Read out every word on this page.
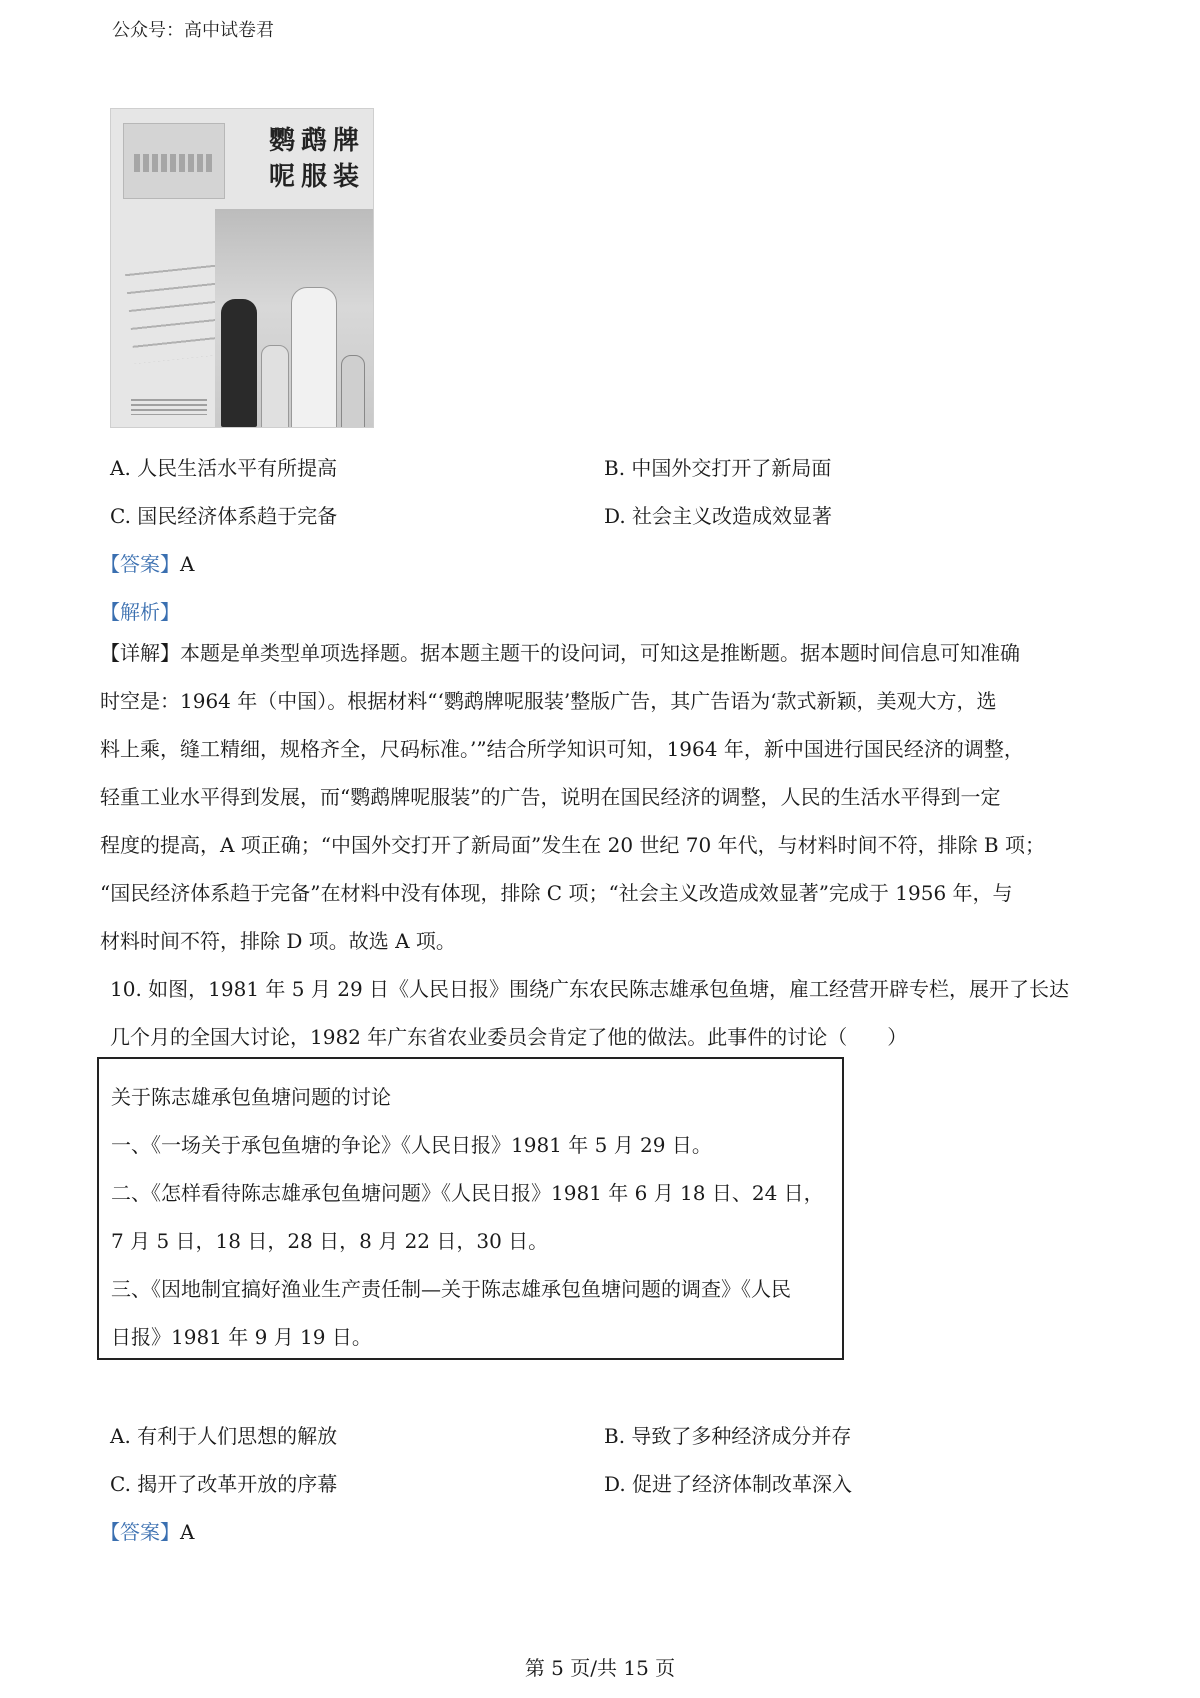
公众号：高中试卷君
鹦鹉牌
呢服装
A. 人民生活水平有所提高	B. 中国外交打开了新局面
C. 国民经济体系趋于完备	D. 社会主义改造成效显著
【答案】A
【解析】
【详解】本题是单类型单项选择题。据本题主题干的设问词，可知这是推断题。据本题时间信息可知准确
时空是：1964 年（中国）。根据材料“‘鹦鹉牌呢服装’整版广告，其广告语为‘款式新颖，美观大方，选
料上乘，缝工精细，规格齐全，尺码标准。’”结合所学知识可知，1964 年，新中国进行国民经济的调整，
轻重工业水平得到发展，而“鹦鹉牌呢服装”的广告，说明在国民经济的调整，人民的生活水平得到一定
程度的提高，A 项正确；“中国外交打开了新局面”发生在 20 世纪 70 年代，与材料时间不符，排除 B 项；
“国民经济体系趋于完备”在材料中没有体现，排除 C 项；“社会主义改造成效显著”完成于 1956 年，与
材料时间不符，排除 D 项。故选 A 项。
10. 如图，1981 年 5 月 29 日《人民日报》围绕广东农民陈志雄承包鱼塘，雇工经营开辟专栏，展开了长达
几个月的全国大讨论，1982 年广东省农业委员会肯定了他的做法。此事件的讨论（　　）
关于陈志雄承包鱼塘问题的讨论
一、《一场关于承包鱼塘的争论》《人民日报》1981 年 5 月 29 日。
二、《怎样看待陈志雄承包鱼塘问题》《人民日报》1981 年 6 月 18 日、24 日，
7 月 5 日，18 日，28 日，8 月 22 日，30 日。
三、《因地制宜搞好渔业生产责任制—关于陈志雄承包鱼塘问题的调查》《人民
日报》1981 年 9 月 19 日。
A. 有利于人们思想的解放	B. 导致了多种经济成分并存
C. 揭开了改革开放的序幕	D. 促进了经济体制改革深入
【答案】A
第 5 页/共 15 页
